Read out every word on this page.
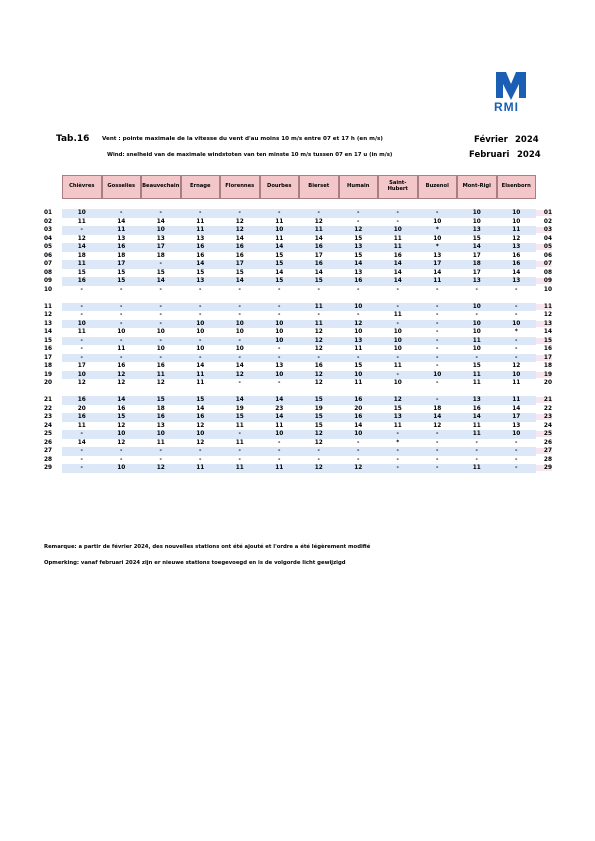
RMI
Tab.16 Vent : pointe maximale de la vitesse du vent d'au moins 10 m/s entre 07 et 17 h (en m/s)
Wind: snelheid van de maximale windstoten van ten minste 10 m/s tussen 07 en 17 u (in m/s)
Février 2024
Februari 2024
Chièvres	Gosselies	Beauvechain	Ernage	Florennes	Dourbes	Bierset	Humain	Saint-Hubert	Buzenol	Mont-Rigi	Elsenborn
01	10	-	-	-	-	-	-	-	-	-	10	10	01
02	11	14	14	11	12	11	12	-	-	10	10	10	02
03	-	11	10	11	12	10	11	12	10	*	13	11	03
04	12	13	13	13	14	11	14	15	11	10	15	12	04
05	14	16	17	16	16	14	16	13	11	*	14	13	05
06	18	18	18	16	16	15	17	15	16	13	17	16	06
07	11	17	-	14	17	15	16	14	14	17	18	16	07
08	15	15	15	15	15	14	14	13	14	14	17	14	08
09	16	15	14	13	14	15	15	16	14	11	13	13	09
10	-	-	-	-	-	-	-	-	-	-	-	-	10
11	-	-	-	-	-	-	11	10	-	-	10	-	11
12	-	-	-	-	-	-	-	-	11	-	-	-	12
13	10	-	-	10	10	10	11	12	-	-	10	10	13
14	11	10	10	10	10	10	12	10	10	-	10	*	14
15	-	-	-	-	-	10	12	13	10	-	11	-	15
16	-	11	10	10	10	-	12	11	10	-	10	-	16
17	-	-	-	-	-	-	-	-	-	-	-	-	17
18	17	16	16	14	14	13	16	15	11	-	15	12	18
19	10	12	11	11	12	10	12	10	-	10	11	10	19
20	12	12	12	11	-	-	12	11	10	-	11	11	20
21	16	14	15	15	14	14	15	16	12	-	13	11	21
22	20	16	18	14	19	23	19	20	15	18	16	14	22
23	16	15	16	16	15	14	15	16	13	14	14	17	23
24	11	12	13	12	11	11	15	14	11	12	11	13	24
25	-	10	10	10	-	10	12	10	-	-	11	10	25
26	14	12	11	12	11	-	12	-	*	-	-	-	26
27	-	-	-	-	-	-	-	-	-	-	-	-	27
28	-	-	-	-	-	-	-	-	-	-	-	-	28
29	-	10	12	11	11	11	12	12	-	-	11	-	29
Remarque: a partir de février 2024, des nouvelles stations ont été ajouté et l'ordre a été légèrement modifié
Opmerking: vanaf februari 2024 zijn er nieuwe stations toegevoegd en is de volgorde licht gewijzigd
